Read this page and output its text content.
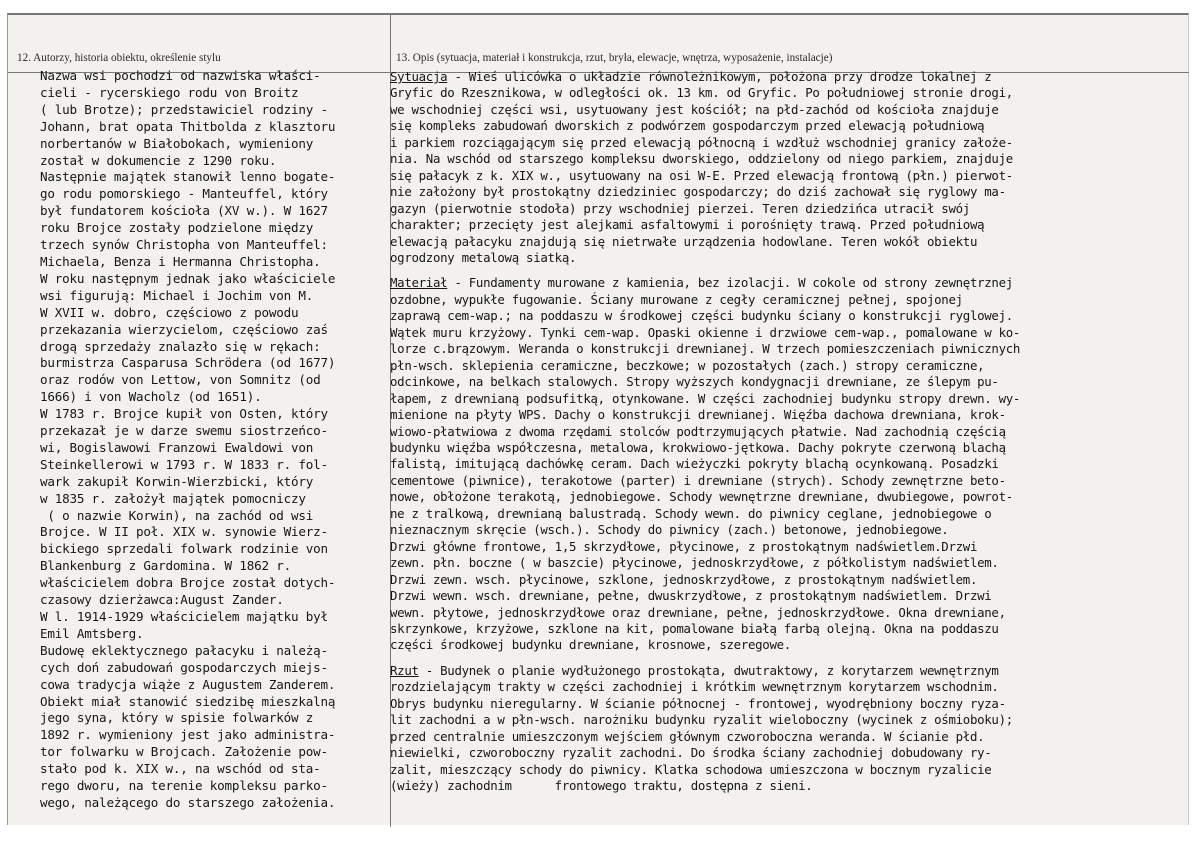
12. Autorzy, historia obiektu, określenie stylu	13. Opis (sytuacja, materiał i konstrukcja, rzut, bryła, elewacje, wnętrza, wyposażenie, instalacje)
Nazwa wsi pochodzi od nazwiska właści-
cieli - rycerskiego rodu von Broitz
( lub Brotze); przedstawiciel rodziny -
Johann, brat opata Thitbolda z klasztoru
norbertanów w Białobokach, wymieniony
został w dokumencie z 1290 roku.
Następnie majątek stanowił lenno bogate-
go rodu pomorskiego - Manteuffel, który
był fundatorem kościoła (XV w.). W 1627
roku Brojce zostały podzielone między
trzech synów Christopha von Manteuffel:
Michaela, Benza i Hermanna Christopha.
W roku następnym jednak jako właściciele
wsi figurują: Michael i Jochim von M.
W XVII w. dobro, częściowo z powodu
przekazania wierzycielom, częściowo zaś
drogą sprzedaży znalazło się w rękach:
burmistrza Casparusa Schrödera (od 1677)
oraz rodów von Lettow, von Somnitz (od
1666) i von Wacholz (od 1651).
W 1783 r. Brojce kupił von Osten, który
przekazał je w darze swemu siostrzeńco-
wi, Bogislawowi Franzowi Ewaldowi von
Steinkellerowi w 1793 r. W 1833 r. fol-
wark zakupił Korwin-Wierzbicki, który
w 1835 r. założył majątek pomocniczy
( o nazwie Korwin), na zachód od wsi
Brojce. W II poł. XIX w. synowie Wierz-
bickiego sprzedali folwark rodzinie von
Blankenburg z Gardomina. W 1862 r.
właścicielem dobra Brojce został dotych-
czasowy dzierżawca:August Zander.
W l. 1914-1929 właścicielem majątku był
Emil Amtsberg.
Budowę eklektycznego pałacyku i należą-
cych doń zabudowań gospodarczych miejs-
cowa tradycja wiąże z Augustem Zanderem.
Obiekt miał stanowić siedzibę mieszkalną
jego syna, który w spisie folwarków z
1892 r. wymieniony jest jako administra-
tor folwarku w Brojcach. Założenie pow-
stało pod k. XIX w., na wschód od sta-
rego dworu, na terenie kompleksu parko-
wego, należącego do starszego założenia.
Sytuacja - Wieś ulicówka o układzie równoleżnikowym, położona przy drodze lokalnej z
Gryfic do Rzesznikowa, w odległości ok. 13 km. od Gryfic. Po południowej stronie drogi,
we wschodniej części wsi, usytuowany jest kościół; na płd-zachód od kościoła znajduje
się kompleks zabudowań dworskich z podwórzem gospodarczym przed elewacją południową
i parkiem rozciągającym się przed elewacją północną i wzdłuż wschodniej granicy założe-
nia. Na wschód od starszego kompleksu dworskiego, oddzielony od niego parkiem, znajduje
się pałacyk z k. XIX w., usytuowany na osi W-E. Przed elewacją frontową (płn.) pierwot-
nie założony był prostokątny dziedziniec gospodarczy; do dziś zachował się ryglowy ma-
gazyn (pierwotnie stodoła) przy wschodniej pierzei. Teren dziedzińca utracił swój
charakter; przecięty jest alejkami asfaltowymi i porośnięty trawą. Przed południową
elewacją pałacyku znajdują się nietrwałe urządzenia hodowlane. Teren wokół obiektu
ogrodzony metalową siatką.
Materiał - Fundamenty murowane z kamienia, bez izolacji. W cokole od strony zewnętrznej
ozdobne, wypukłe fugowanie. Ściany murowane z cegły ceramicznej pełnej, spojonej
zaprawą cem-wap.; na poddaszu w środkowej części budynku ściany o konstrukcji ryglowej.
Wątek muru krzyżowy. Tynki cem-wap. Opaski okienne i drzwiowe cem-wap., pomalowane w ko-
lorze c.brązowym. Weranda o konstrukcji drewnianej. W trzech pomieszczeniach piwnicznych
płn-wsch. sklepienia ceramiczne, beczkowe; w pozostałych (zach.) stropy ceramiczne,
odcinkowe, na belkach stalowych. Stropy wyższych kondygnacji drewniane, ze ślepym pu-
łapem, z drewnianą podsufitką, otynkowane. W części zachodniej budynku stropy drewn. wy-
mienione na płyty WPS. Dachy o konstrukcji drewnianej. Więźba dachowa drewniana, krok-
wiowo-płatwiowa z dwoma rzędami stolców podtrzymujących płatwie. Nad zachodnią częścią
budynku więźba współczesna, metalowa, krokwiowo-jętkowa. Dachy pokryte czerwoną blachą
falistą, imitującą dachówkę ceram. Dach wieżyczki pokryty blachą ocynkowaną. Posadzki
cementowe (piwnice), terakotowe (parter) i drewniane (strych). Schody zewnętrzne beto-
nowe, obłożone terakotą, jednobiegowe. Schody wewnętrzne drewniane, dwubiegowe, powrot-
ne z tralkową, drewnianą balustradą. Schody wewn. do piwnicy ceglane, jednobiegowe o
nieznacznym skręcie (wsch.). Schody do piwnicy (zach.) betonowe, jednobiegowe.
Drzwi główne frontowe, 1,5 skrzydłowe, płycinowe, z prostokątnym nadświetlem.Drzwi
zewn. płn. boczne ( w baszcie) płycinowe, jednoskrzydłowe, z półkolistym nadświetlem.
Drzwi zewn. wsch. płycinowe, szklone, jednoskrzydłowe, z prostokątnym nadświetlem.
Drzwi wewn. wsch. drewniane, pełne, dwuskrzydłowe, z prostokątnym nadświetlem. Drzwi
wewn. płytowe, jednoskrzydłowe oraz drewniane, pełne, jednoskrzydłowe. Okna drewniane,
skrzynkowe, krzyżowe, szklone na kit, pomalowane białą farbą olejną. Okna na poddaszu
części środkowej budynku drewniane, krosnowe, szeregowe.
Rzut - Budynek o planie wydłużonego prostokąta, dwutraktowy, z korytarzem wewnętrznym
rozdzielającym trakty w części zachodniej i krótkim wewnętrznym korytarzem wschodnim.
Obrys budynku nieregularny. W ścianie północnej - frontowej, wyodrębniony boczny ryza-
lit zachodni a w płn-wsch. narożniku budynku ryzalit wieloboczny (wycinek z ośmioboku);
przed centralnie umieszczonym wejściem głównym czworoboczna weranda. W ścianie płd.
niewielki, czworoboczny ryzalit zachodni. Do środka ściany zachodniej dobudowany ry-
zalit, mieszczący schody do piwnicy. Klatka schodowa umieszczona w bocznym ryzalicie
(wieży) zachodnim      frontowego traktu, dostępna z sieni.
